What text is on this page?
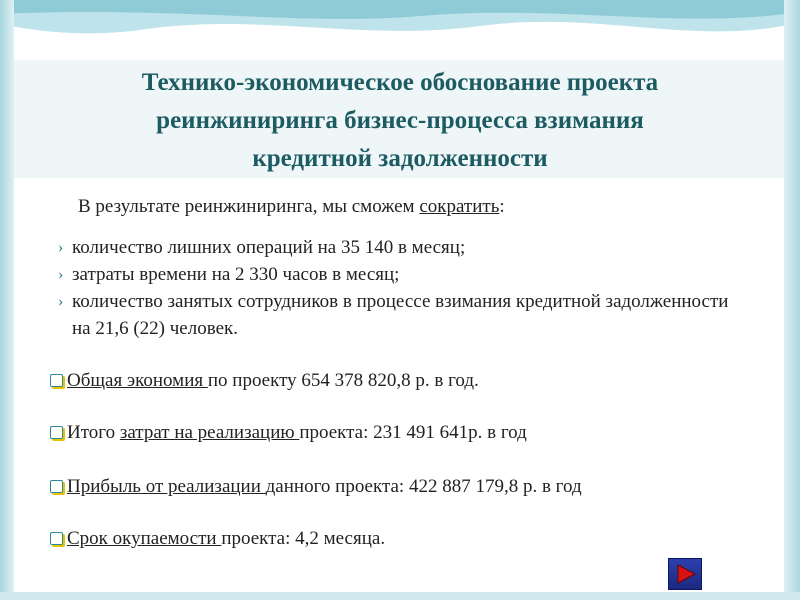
Технико-экономическое обоснование проекта
реинжиниринга бизнес-процесса взимания
кредитной задолженности
В результате реинжиниринга, мы сможем сократить:
› количество лишних операций на 35 140 в месяц;
› затраты времени на 2 330 часов в месяц;
› количество занятых сотрудников в процессе взимания кредитной задолженности на 21,6 (22) человек.
Общая экономия по проекту 654 378 820,8 р. в год.
Итого затрат на реализацию проекта: 231 491 641р. в год
Прибыль от реализации данного проекта: 422 887 179,8 р. в год
Срок окупаемости проекта: 4,2 месяца.
